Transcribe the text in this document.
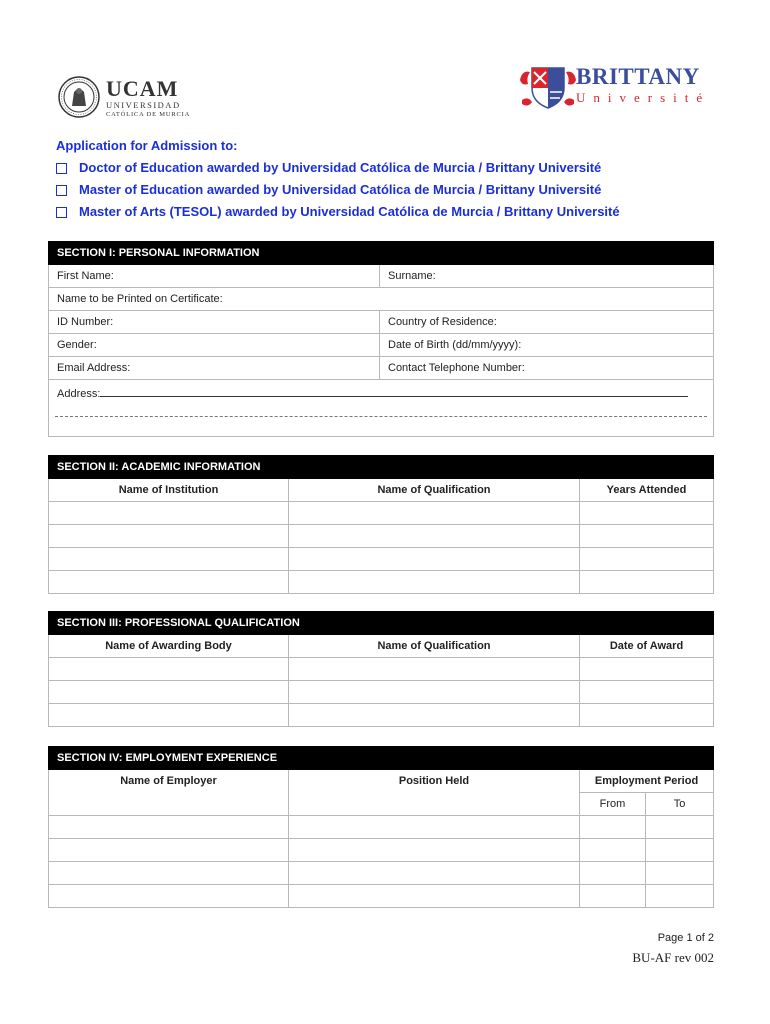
UCAM
UNIVERSIDAD
CATÓLICA DE MURCIA
BRITTANY
Université
Application for Admission to:
Doctor of Education awarded by Universidad Católica de Murcia / Brittany Université
Master of Education awarded by Universidad Católica de Murcia / Brittany Université
Master of Arts (TESOL) awarded by Universidad Católica de Murcia / Brittany Université
SECTION I: PERSONAL INFORMATION	
First Name:	Surname:
Name to be Printed on Certificate:	
ID Number:	Country of Residence:
Gender:	Date of Birth (dd/mm/yyyy):
Email Address:	Contact Telephone Number:
Address:	
SECTION II: ACADEMIC INFORMATION		
Name of Institution	Name of Qualification	Years Attended

SECTION III: PROFESSIONAL QUALIFICATION		
Name of Awarding Body	Name of Qualification	Date of Award

SECTION IV: EMPLOYMENT EXPERIENCE			
Name of Employer	Position Held	Employment Period	
		From	To

Page 1 of 2
BU-AF rev 002
